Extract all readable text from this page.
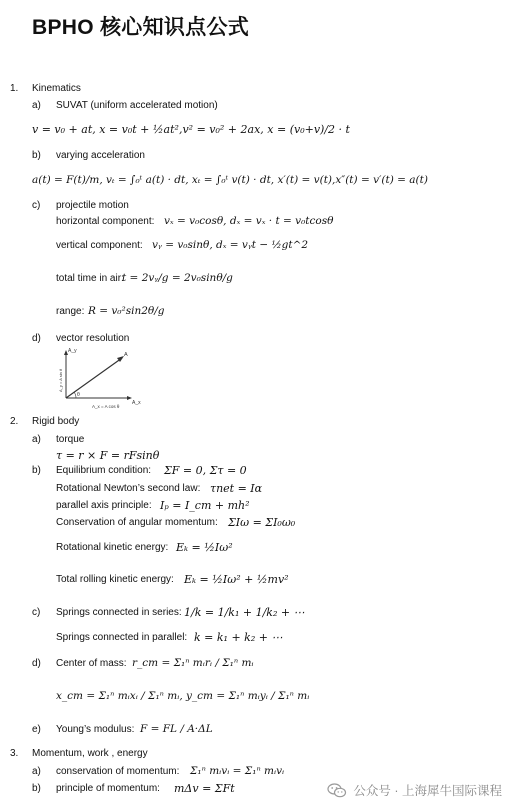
BPHO 核心知识点公式
1. Kinematics
a) SUVAT (uniform accelerated motion)
v = v₀ + at, x = v₀t + ½at²,v² = v₀² + 2ax, x = (v₀+v)/2 · t
b) varying acceleration
a(t) = F(t)/m, vₜ = ∫₀ᵗ a(t) · dt, xₜ = ∫₀ᵗ v(t) · dt, x′(t) = v(t),x″(t) = v′(t) = a(t)
c) projectile motion
horizontal component: vₓ = v₀cosθ, dₓ = vₓ · t = v₀tcosθ
vertical component: vᵧ = v₀sinθ, dₓ = vᵧt − ½gt^2
total time in air:
t = 2vᵧ/g = 2v₀sinθ/g
range: R = v₀²sin2θ/g
d) vector resolution
A_y
A_x
A
θ
A_y = A sin θ
A_x = A cos θ
2. Rigid body
a) torque
τ = r × F = rFsinθ
b) Equilibrium condition: ΣF = 0, Στ = 0
Rotational Newton’s second law: τnet = Iα
parallel axis principle: Iₚ = I_cm + mh²
Conservation of angular momentum: ΣIω = ΣI₀ω₀
Rotational kinetic energy: Eₖ = ½Iω²
Total rolling kinetic energy: Eₖ = ½Iω² + ½mv²
c) Springs connected in series: 1/k = 1/k₁ + 1/k₂ + ⋯
Springs connected in parallel: k = k₁ + k₂ + ⋯
d) Center of mass: r_cm = Σ₁ⁿ mᵢrᵢ / Σ₁ⁿ mᵢ
x_cm = Σ₁ⁿ mᵢxᵢ / Σ₁ⁿ mᵢ, y_cm = Σ₁ⁿ mᵢyᵢ / Σ₁ⁿ mᵢ
e) Young’s modulus: F = FL / A·ΔL
3. Momentum, work , energy
a) conservation of momentum: Σ₁ⁿ mᵢvᵢ = Σ₁ⁿ mᵢvᵢ
b) principle of momentum: mΔv = ΣFt	公众号 · 上海犀牛国际课程
